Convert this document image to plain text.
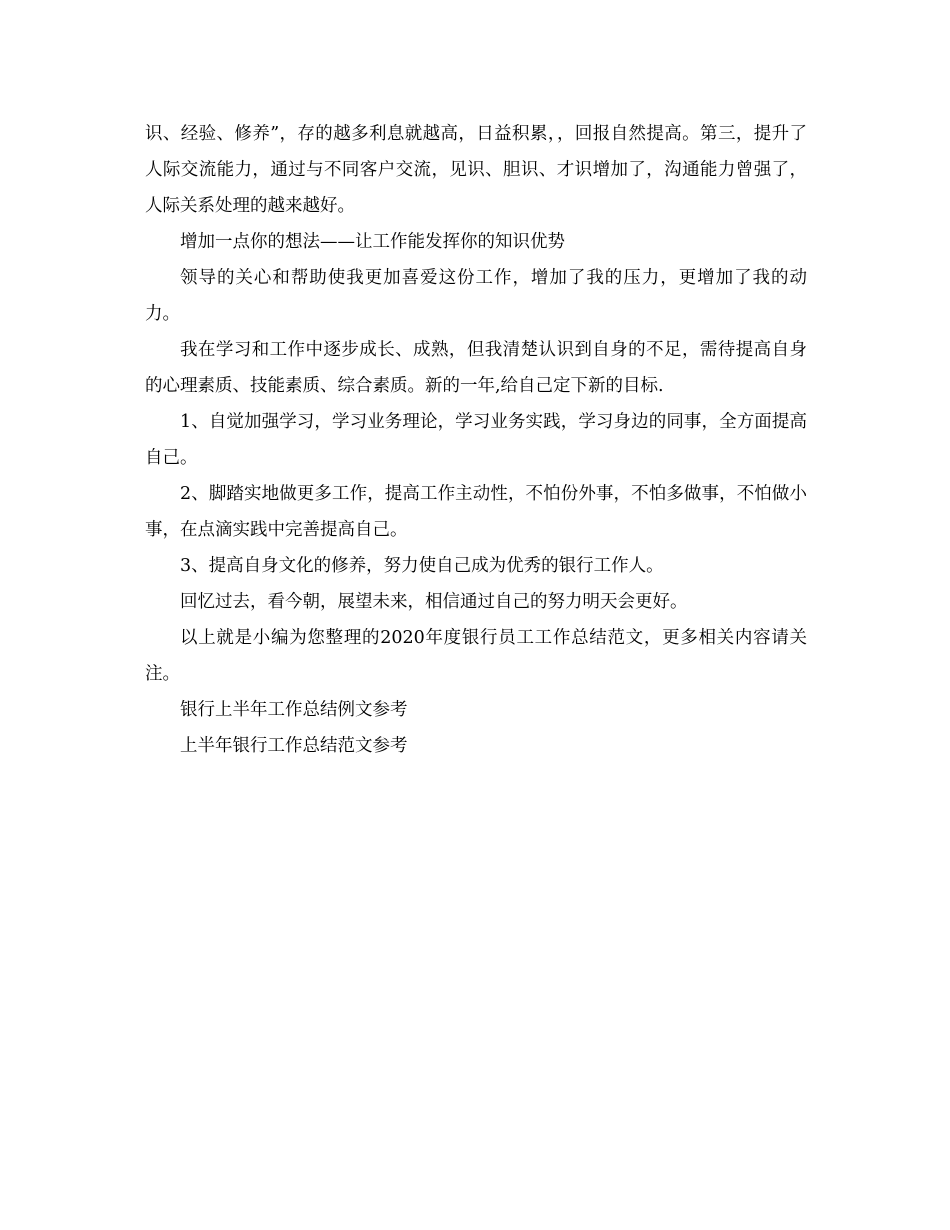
识、经验、修养”，存的越多利息就越高，日益积累，，回报自然提高。第三，提升了人际交流能力，通过与不同客户交流，见识、胆识、才识增加了，沟通能力曾强了，人际关系处理的越来越好。

增加一点你的想法——让工作能发挥你的知识优势

领导的关心和帮助使我更加喜爱这份工作，增加了我的压力，更增加了我的动力。

我在学习和工作中逐步成长、成熟，但我清楚认识到自身的不足，需待提高自身的心理素质、技能素质、综合素质。新的一年,给自己定下新的目标.

1、自觉加强学习，学习业务理论，学习业务实践，学习身边的同事，全方面提高自己。

2、脚踏实地做更多工作，提高工作主动性，不怕份外事，不怕多做事，不怕做小事，在点滴实践中完善提高自己。

3、提高自身文化的修养，努力使自己成为优秀的银行工作人。

回忆过去，看今朝，展望未来，相信通过自己的努力明天会更好。

以上就是小编为您整理的2020年度银行员工工作总结范文，更多相关内容请关注。

银行上半年工作总结例文参考

上半年银行工作总结范文参考
